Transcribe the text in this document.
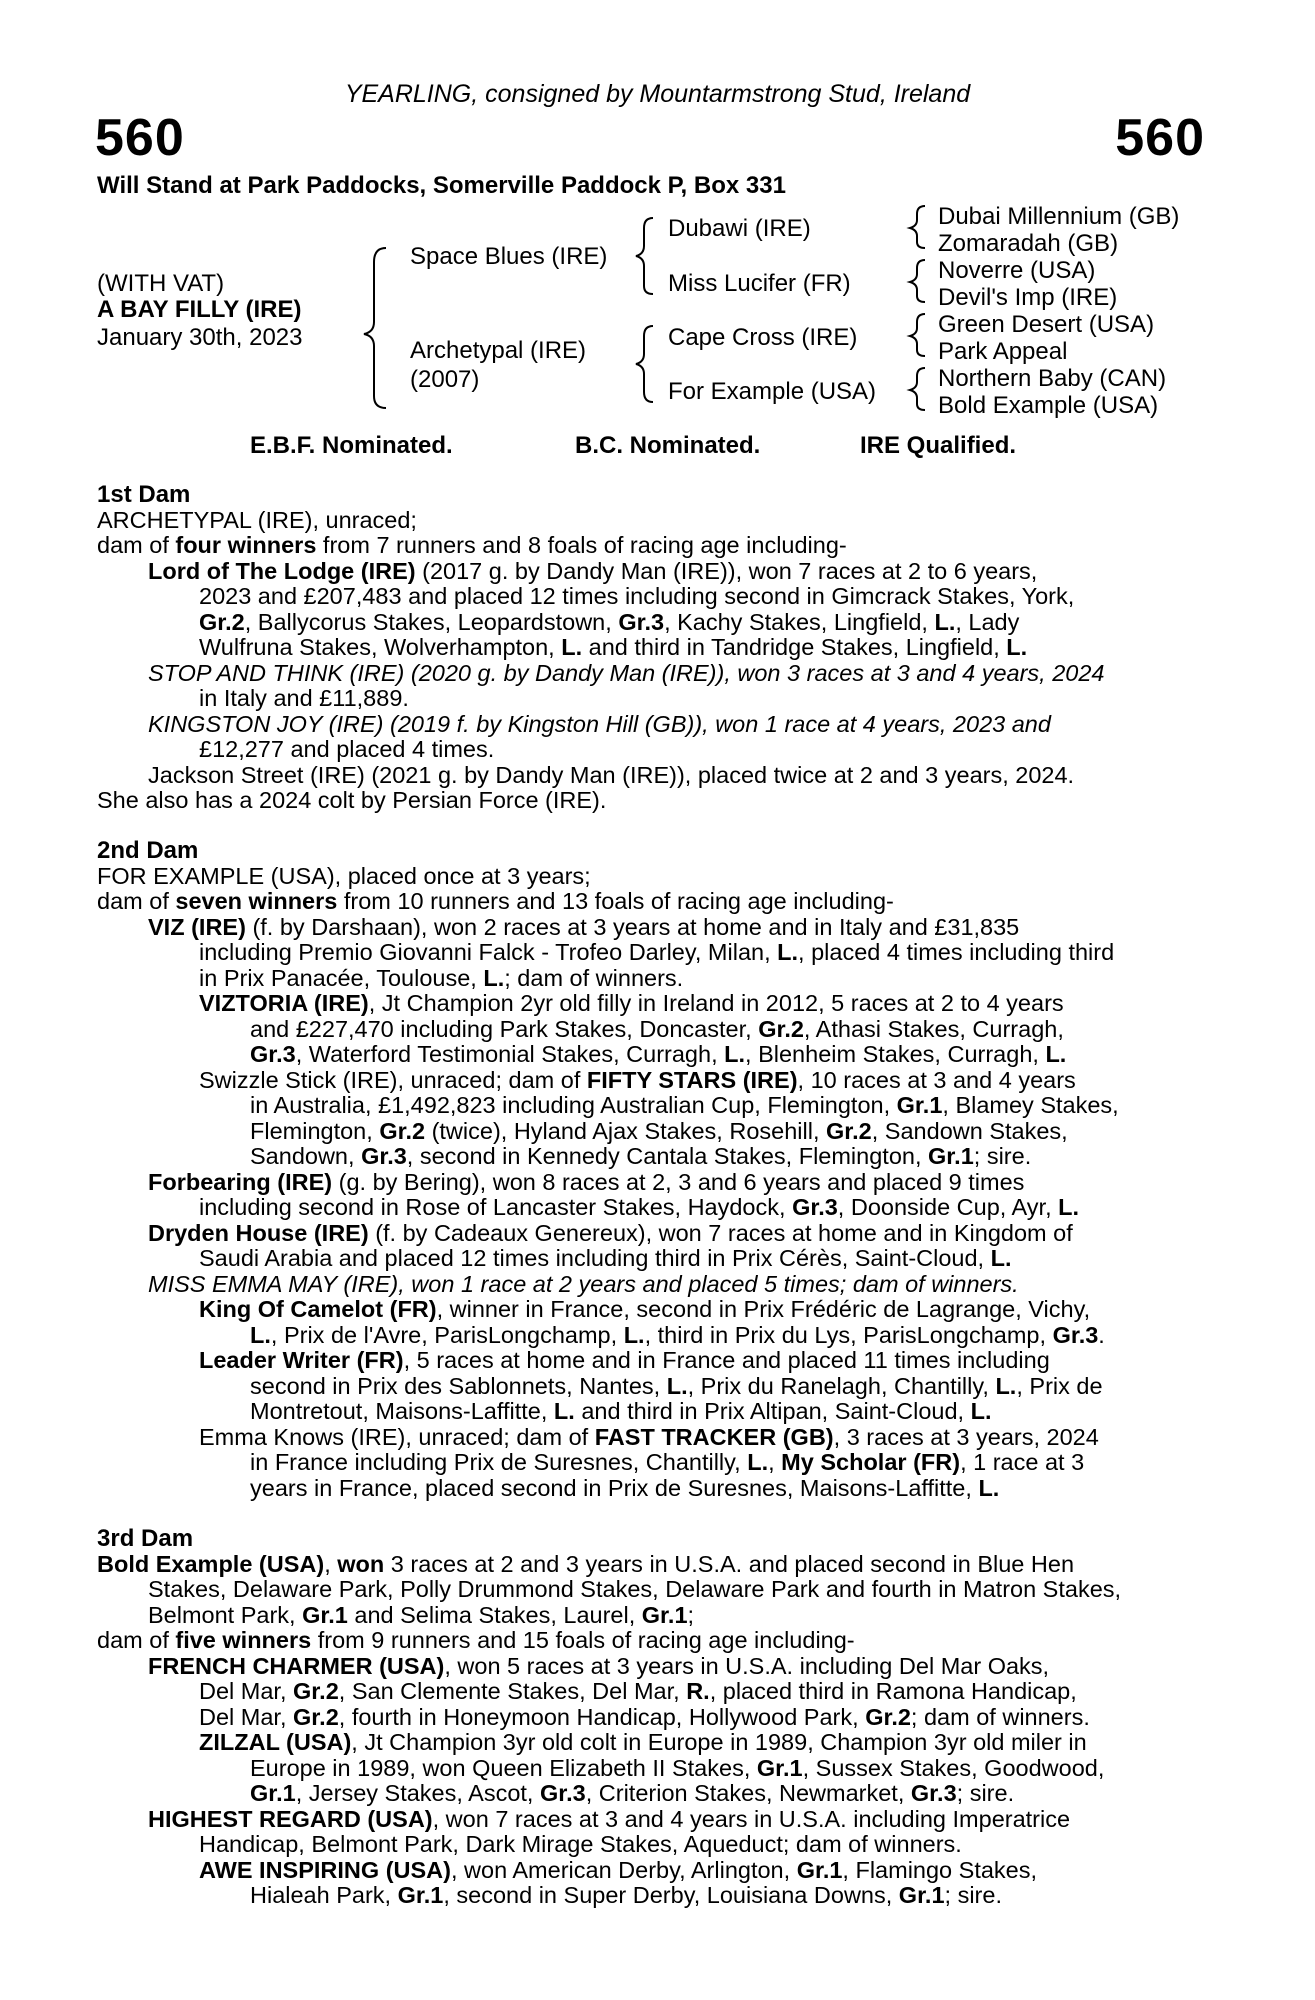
YEARLING, consigned by Mountarmstrong Stud, Ireland
560	560
Will Stand at Park Paddocks, Somerville Paddock P, Box 331
(WITH VAT)
A BAY FILLY (IRE)
January 30th, 2023
Space Blues (IRE)
Archetypal (IRE)
(2007)
Dubawi (IRE)
Miss Lucifer (FR)
Cape Cross (IRE)
For Example (USA)
Dubai Millennium (GB)
Zomaradah (GB)
Noverre (USA)
Devil's Imp (IRE)
Green Desert (USA)
Park Appeal
Northern Baby (CAN)
Bold Example (USA)
E.B.F. Nominated.	B.C. Nominated.	IRE Qualified.
1st Dam
ARCHETYPAL (IRE), unraced;
dam of four winners from 7 runners and 8 foals of racing age including-
Lord of The Lodge (IRE) (2017 g. by Dandy Man (IRE)), won 7 races at 2 to 6 years,
2023 and £207,483 and placed 12 times including second in Gimcrack Stakes, York,
Gr.2, Ballycorus Stakes, Leopardstown, Gr.3, Kachy Stakes, Lingfield, L., Lady
Wulfruna Stakes, Wolverhampton, L. and third in Tandridge Stakes, Lingfield, L.
STOP AND THINK (IRE) (2020 g. by Dandy Man (IRE)), won 3 races at 3 and 4 years, 2024
in Italy and £11,889.
KINGSTON JOY (IRE) (2019 f. by Kingston Hill (GB)), won 1 race at 4 years, 2023 and
£12,277 and placed 4 times.
Jackson Street (IRE) (2021 g. by Dandy Man (IRE)), placed twice at 2 and 3 years, 2024.
She also has a 2024 colt by Persian Force (IRE).
2nd Dam
FOR EXAMPLE (USA), placed once at 3 years;
dam of seven winners from 10 runners and 13 foals of racing age including-
VIZ (IRE) (f. by Darshaan), won 2 races at 3 years at home and in Italy and £31,835
including Premio Giovanni Falck - Trofeo Darley, Milan, L., placed 4 times including third
in Prix Panacée, Toulouse, L.; dam of winners.
VIZTORIA (IRE), Jt Champion 2yr old filly in Ireland in 2012, 5 races at 2 to 4 years
and £227,470 including Park Stakes, Doncaster, Gr.2, Athasi Stakes, Curragh,
Gr.3, Waterford Testimonial Stakes, Curragh, L., Blenheim Stakes, Curragh, L.
Swizzle Stick (IRE), unraced; dam of FIFTY STARS (IRE), 10 races at 3 and 4 years
in Australia, £1,492,823 including Australian Cup, Flemington, Gr.1, Blamey Stakes,
Flemington, Gr.2 (twice), Hyland Ajax Stakes, Rosehill, Gr.2, Sandown Stakes,
Sandown, Gr.3, second in Kennedy Cantala Stakes, Flemington, Gr.1; sire.
Forbearing (IRE) (g. by Bering), won 8 races at 2, 3 and 6 years and placed 9 times
including second in Rose of Lancaster Stakes, Haydock, Gr.3, Doonside Cup, Ayr, L.
Dryden House (IRE) (f. by Cadeaux Genereux), won 7 races at home and in Kingdom of
Saudi Arabia and placed 12 times including third in Prix Cérès, Saint-Cloud, L.
MISS EMMA MAY (IRE), won 1 race at 2 years and placed 5 times; dam of winners.
King Of Camelot (FR), winner in France, second in Prix Frédéric de Lagrange, Vichy,
L., Prix de l'Avre, ParisLongchamp, L., third in Prix du Lys, ParisLongchamp, Gr.3.
Leader Writer (FR), 5 races at home and in France and placed 11 times including
second in Prix des Sablonnets, Nantes, L., Prix du Ranelagh, Chantilly, L., Prix de
Montretout, Maisons-Laffitte, L. and third in Prix Altipan, Saint-Cloud, L.
Emma Knows (IRE), unraced; dam of FAST TRACKER (GB), 3 races at 3 years, 2024
in France including Prix de Suresnes, Chantilly, L., My Scholar (FR), 1 race at 3
years in France, placed second in Prix de Suresnes, Maisons-Laffitte, L.
3rd Dam
Bold Example (USA), won 3 races at 2 and 3 years in U.S.A. and placed second in Blue Hen
Stakes, Delaware Park, Polly Drummond Stakes, Delaware Park and fourth in Matron Stakes,
Belmont Park, Gr.1 and Selima Stakes, Laurel, Gr.1;
dam of five winners from 9 runners and 15 foals of racing age including-
FRENCH CHARMER (USA), won 5 races at 3 years in U.S.A. including Del Mar Oaks,
Del Mar, Gr.2, San Clemente Stakes, Del Mar, R., placed third in Ramona Handicap,
Del Mar, Gr.2, fourth in Honeymoon Handicap, Hollywood Park, Gr.2; dam of winners.
ZILZAL (USA), Jt Champion 3yr old colt in Europe in 1989, Champion 3yr old miler in
Europe in 1989, won Queen Elizabeth II Stakes, Gr.1, Sussex Stakes, Goodwood,
Gr.1, Jersey Stakes, Ascot, Gr.3, Criterion Stakes, Newmarket, Gr.3; sire.
HIGHEST REGARD (USA), won 7 races at 3 and 4 years in U.S.A. including Imperatrice
Handicap, Belmont Park, Dark Mirage Stakes, Aqueduct; dam of winners.
AWE INSPIRING (USA), won American Derby, Arlington, Gr.1, Flamingo Stakes,
Hialeah Park, Gr.1, second in Super Derby, Louisiana Downs, Gr.1; sire.
